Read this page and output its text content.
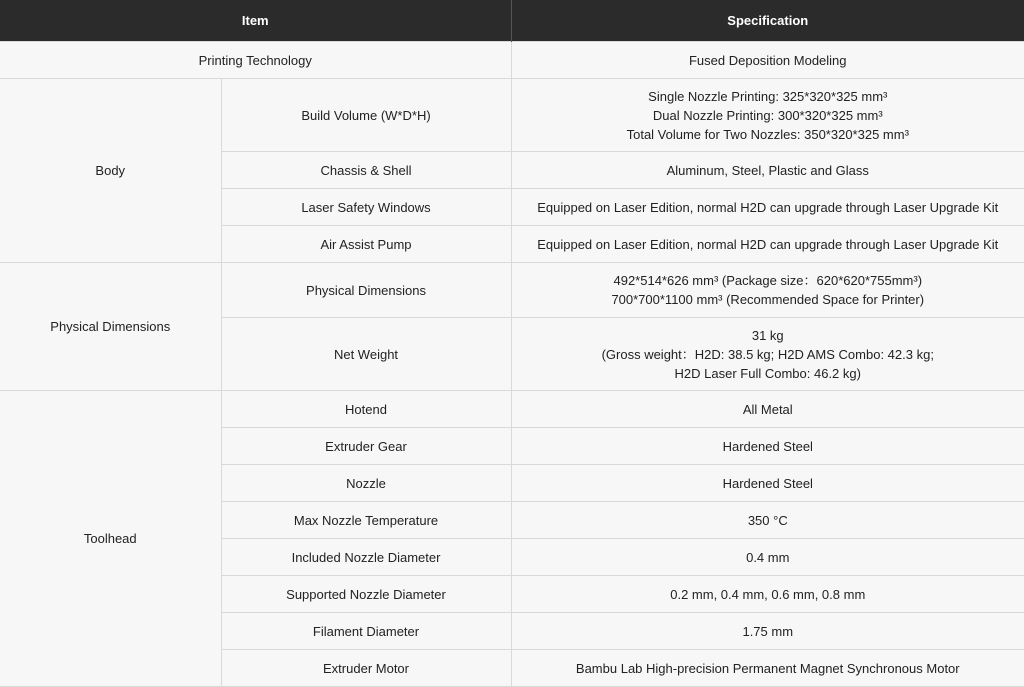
Item		Specification
Printing Technology		Fused Deposition Modeling
Body	Build Volume (W*D*H)	Single Nozzle Printing: 325*320*325 mm³
Dual Nozzle Printing: 300*320*325 mm³
Total Volume for Two Nozzles: 350*320*325 mm³

	Chassis & Shell	Aluminum, Steel, Plastic and Glass
	Laser Safety Windows	Equipped on Laser Edition, normal H2D can upgrade through Laser Upgrade Kit
	Air Assist Pump	Equipped on Laser Edition, normal H2D can upgrade through Laser Upgrade Kit
Physical Dimensions	Physical Dimensions	492*514*626 mm³ (Package size：620*620*755mm³)
700*700*1100 mm³ (Recommended Space for Printer)

	Net Weight	31 kg
(Gross weight：H2D: 38.5 kg; H2D AMS Combo: 42.3 kg;
H2D Laser Full Combo: 46.2 kg)

Toolhead	Hotend	All Metal
	Extruder Gear	Hardened Steel
	Nozzle	Hardened Steel
	Max Nozzle Temperature	350 °C
	Included Nozzle Diameter	0.4 mm
	Supported Nozzle Diameter	0.2 mm, 0.4 mm, 0.6 mm, 0.8 mm
	Filament Diameter	1.75 mm
	Extruder Motor	Bambu Lab High-precision Permanent Magnet Synchronous Motor
